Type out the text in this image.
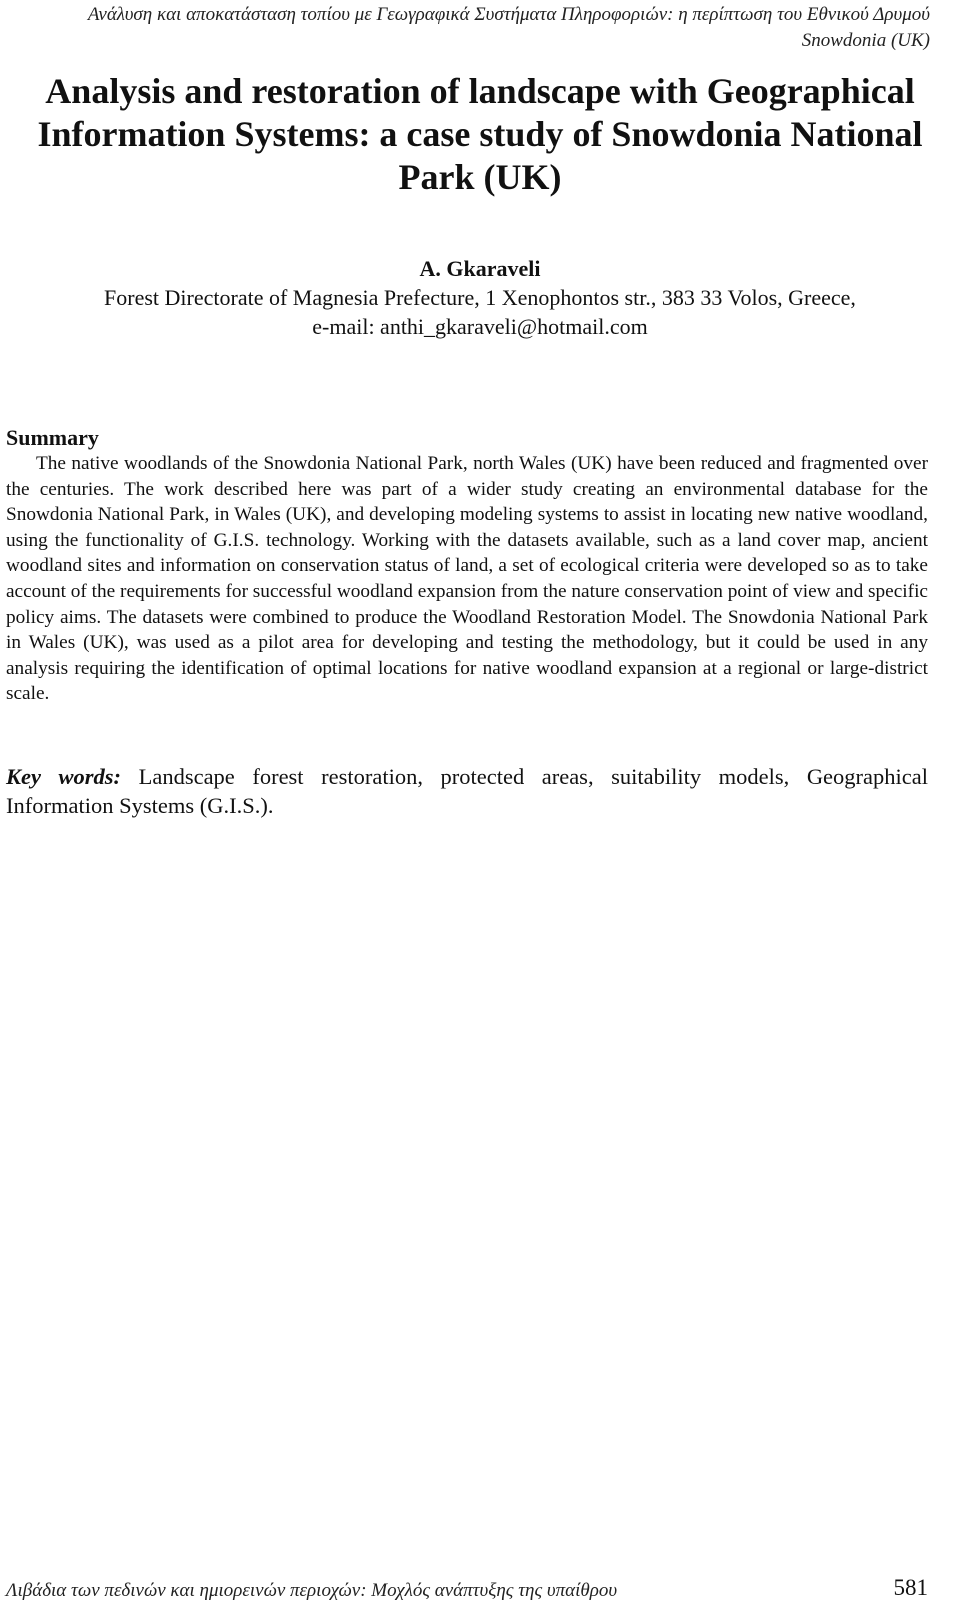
Ανάλυση και αποκατάσταση τοπίου με Γεωγραφικά Συστήματα Πληροφοριών: η περίπτωση του Εθνικού Δρυμού
Snowdonia (UK)
Analysis and restoration of landscape with Geographical
Information Systems: a case study of Snowdonia National
Park (UK)
A. Gkaraveli
Forest Directorate of Magnesia Prefecture, 1 Xenophontos str., 383 33 Volos, Greece,
e-mail: anthi_gkaraveli@hotmail.com
Summary

The native woodlands of the Snowdonia National Park, north Wales (UK) have been reduced and fragmented over the centuries. The work described here was part of a wider study creating an environmental database for the Snowdonia National Park, in Wales (UK), and developing modeling systems to assist in locating new native woodland, using the functionality of G.I.S. technology. Working with the datasets available, such as a land cover map, ancient woodland sites and information on conservation status of land, a set of ecological criteria were developed so as to take account of the requirements for successful woodland expansion from the nature conservation point of view and specific policy aims. The datasets were combined to produce the Woodland Restoration Model. The Snowdonia National Park in Wales (UK), was used as a pilot area for developing and testing the methodology, but it could be used in any analysis requiring the identification of optimal locations for native woodland expansion at a regional or large-district scale.

Key words: Landscape forest restoration, protected areas, suitability models, Geographical Information Systems (G.I.S.).

Λιβάδια των πεδινών και ημιορεινών περιοχών: Μοχλός ανάπτυξης της υπαίθρου	581
